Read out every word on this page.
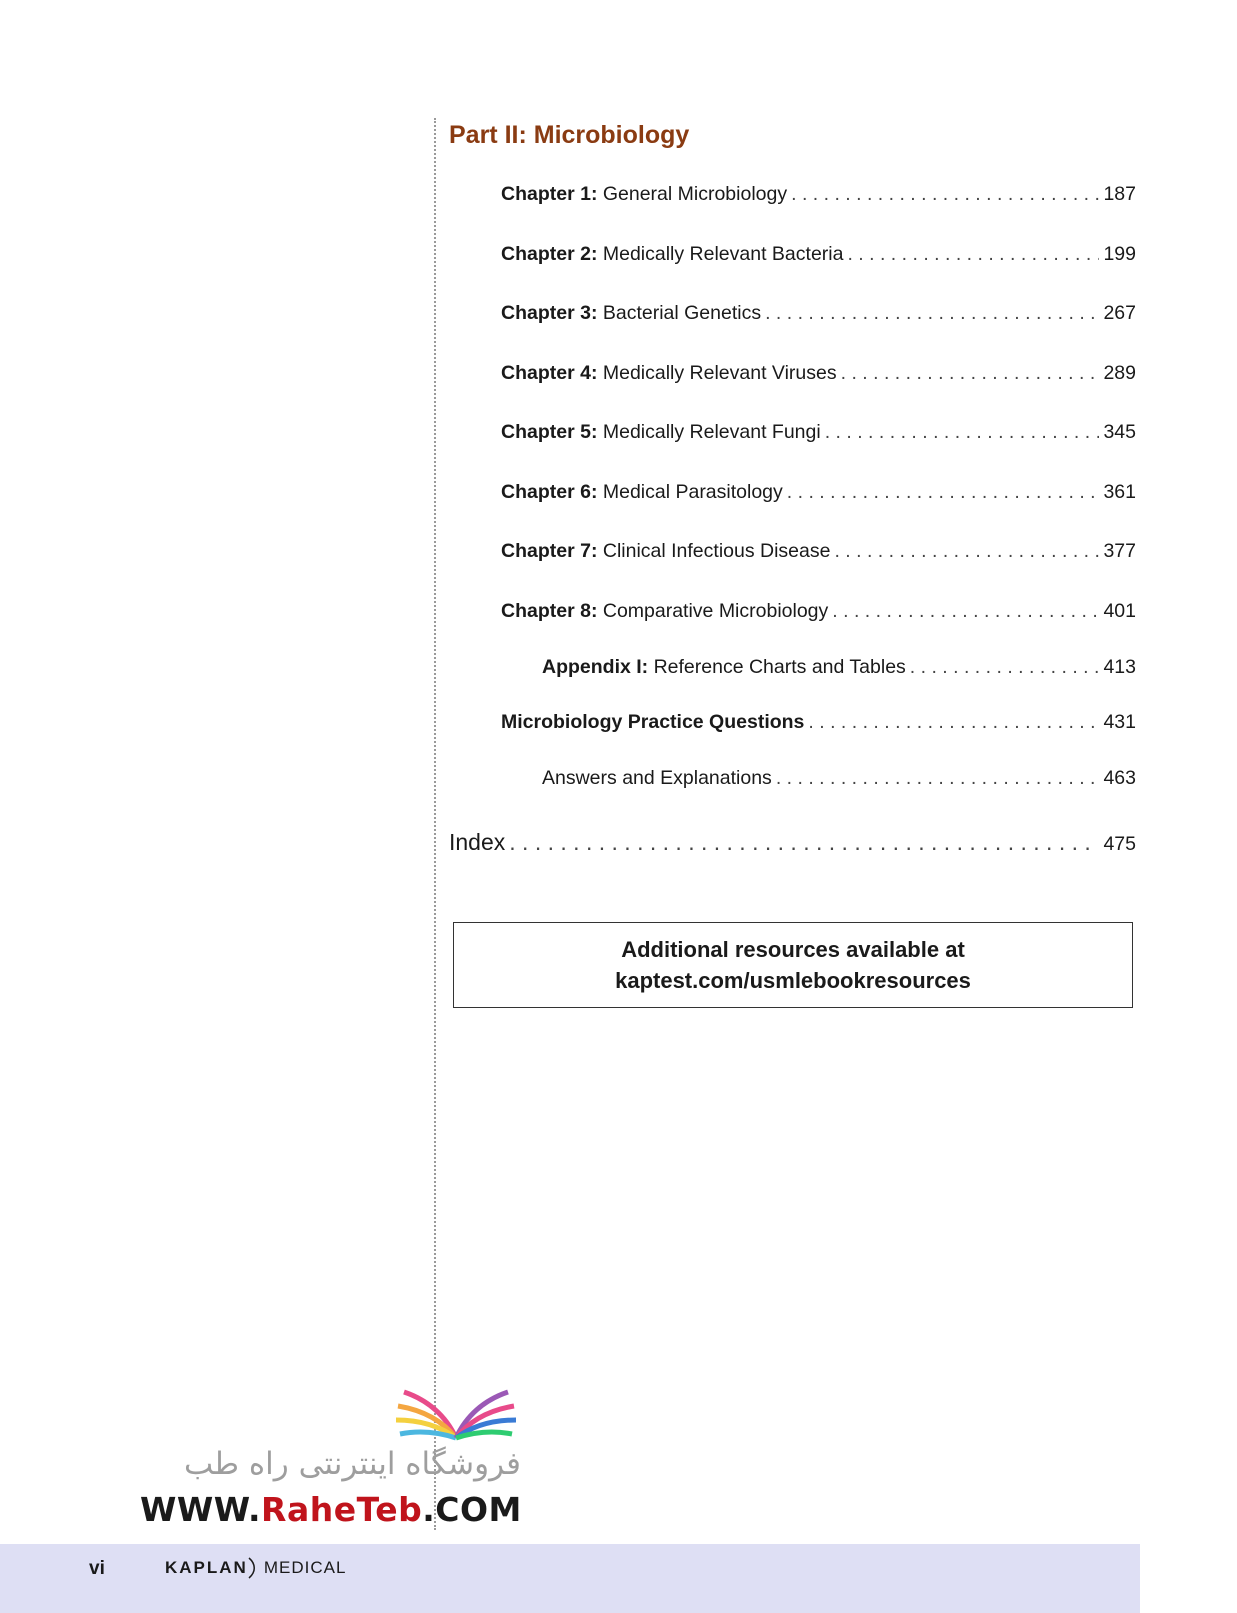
Part II: Microbiology
Chapter 1: General Microbiology . . .	187
Chapter 2: Medically Relevant Bacteria . . .	199
Chapter 3: Bacterial Genetics . . .	267
Chapter 4: Medically Relevant Viruses . . .	289
Chapter 5: Medically Relevant Fungi . . .	345
Chapter 6: Medical Parasitology . . .	361
Chapter 7: Clinical Infectious Disease . . .	377
Chapter 8: Comparative Microbiology . . .	401
Appendix I: Reference Charts and Tables . . .	413
Microbiology Practice Questions . . .	431
Answers and Explanations . . .	463
Index . . .	475
Additional resources available at
kaptest.com/usmlebookresources
فروشگاه اینترنتی راه طب
WWW.RaheTeb.COM
vi	KAPLAN MEDICAL
